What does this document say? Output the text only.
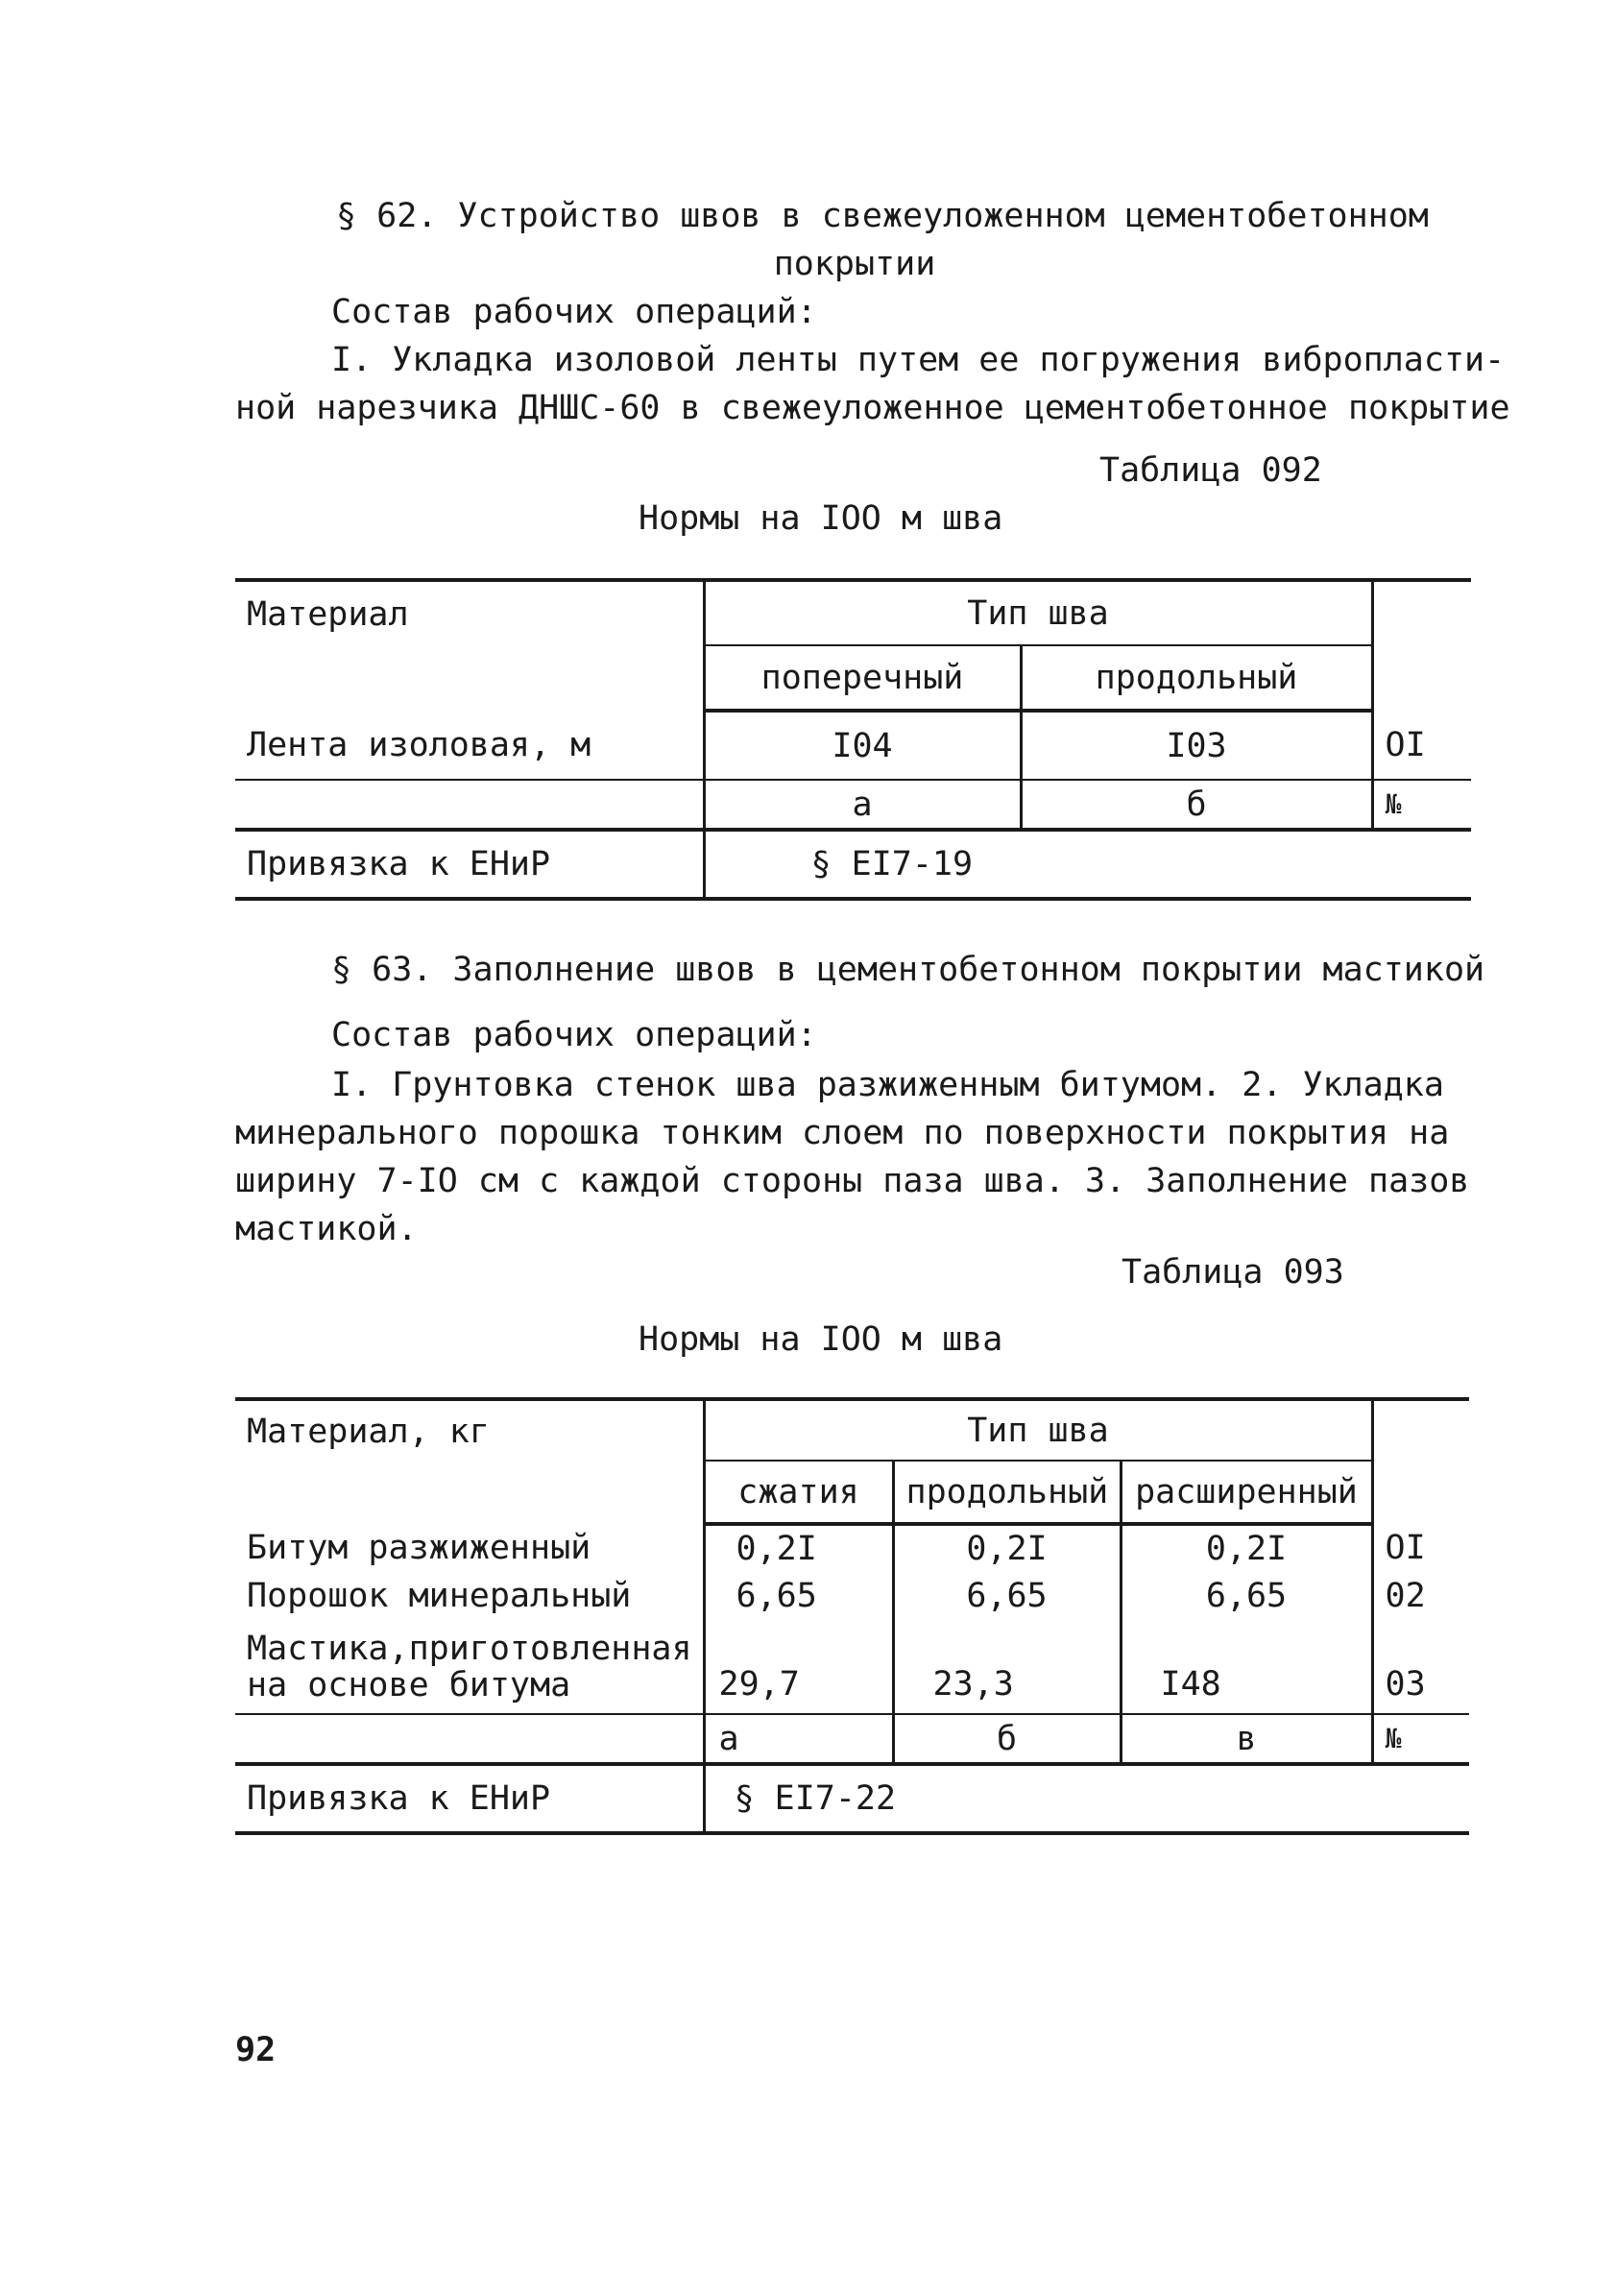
§ 62. Устройство швов в свежеуложенном цементобетонном
покрытии
Состав рабочих операций:
I. Укладка изоловой ленты путем ее погружения вибропласти-
ной нарезчика ДНШС-60 в свежеуложенное цементобетонное покрытие
Таблица 092
Нормы на IOO м шва
Материал	Тип шва		
	поперечный	продольный	
Лента изоловая, м	I04	I03	OI
	а	б	№
Привязка к ЕНиР	§ EI7-19		
§ 63. Заполнение швов в цементобетонном покрытии мастикой
Состав рабочих операций:
I. Грунтовка стенок шва разжиженным битумом. 2. Укладка минерального порошка тонким слоем по поверхности покрытия на ширину 7-IO см с каждой стороны паза шва. 3. Заполнение пазов мастикой.
Таблица 093
Нормы на IOO м шва
Материал, кг	Тип шва			
	сжатия	продольный	расширенный	
Битум разжиженный	0,2I	0,2I	0,2I	OI
Порошок минеральный	6,65	6,65	6,65	02

Мастика,приготовленная
на основе битума	29,7	23,3	I48	03
	а	б	в	№
Привязка к ЕНиР	§ EI7-22			
92
